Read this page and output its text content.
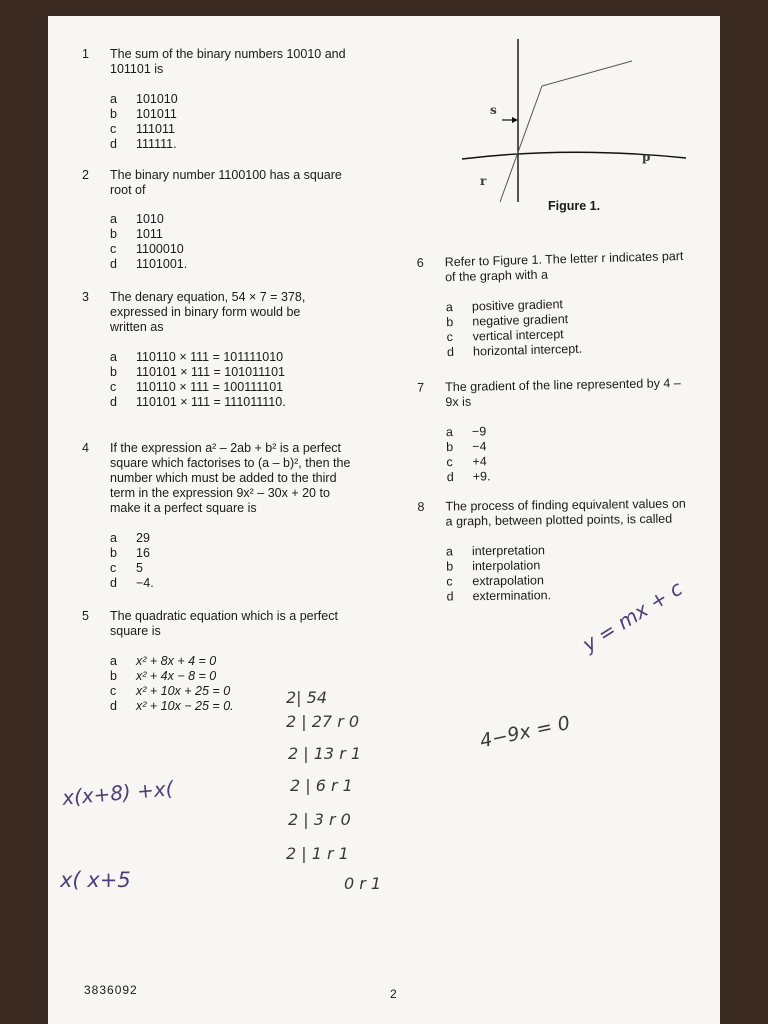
1 The sum of the binary numbers 10010 and
101101 is
a 101010
b 101011
c 111011
d 111111.
2 The binary number 1100100 has a square
root of
a 1010
b 1011
c 1100010
d 1101001.
3 The denary equation, 54 × 7 = 378,
expressed in binary form would be
written as
a 110110 × 111 = 101111010
b 110101 × 111 = 101011101
c 110110 × 111 = 100111101
d 110101 × 111 = 111011110.
4 If the expression a² – 2ab + b² is a perfect
square which factorises to (a – b)², then the
number which must be added to the third
term in the expression 9x² – 30x + 20 to
make it a perfect square is
a 29
b 16
c 5
d −4.
5 The quadratic equation which is a perfect
square is
a x² + 8x + 4 = 0
b x² + 4x − 8 = 0
c x² + 10x + 25 = 0
d x² + 10x − 25 = 0.
s
r
p
Figure 1.
6 Refer to Figure 1. The letter r indicates part
of the graph with a
a positive gradient
b negative gradient
c vertical intercept
d horizontal intercept.
7 The gradient of the line represented by 4 –
9x is
a −9
b −4
c +4
d +9.
8 The process of finding equivalent values on
a graph, between plotted points, is called
a interpretation
b interpolation
c extrapolation
d extermination. y = mx + c
4−9x = 0
x(x+8) +x(
x( x+5
2| 54
2 | 27 r 0
2 | 13 r 1
2 | 6 r 1
2 | 3 r 0
2 | 1 r 1
0 r 1
3836092	2
